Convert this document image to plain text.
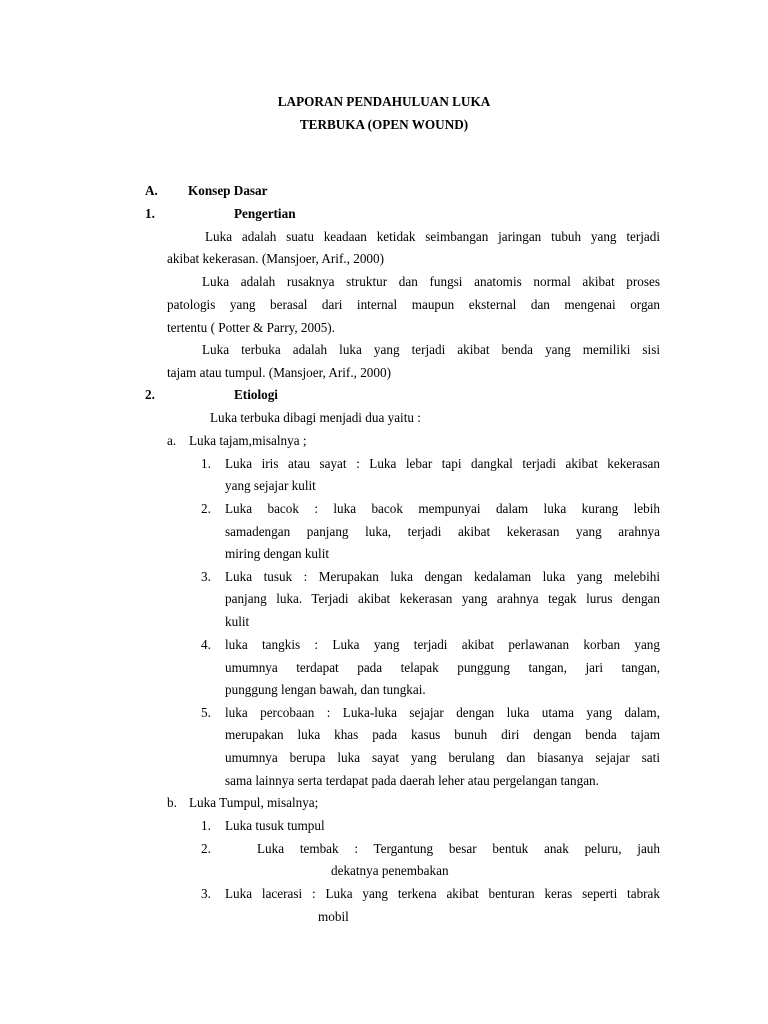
LAPORAN PENDAHULUAN LUKA
TERBUKA (OPEN WOUND)
A. Konsep Dasar
1.	Pengertian
Luka adalah suatu keadaan ketidak seimbangan jaringan tubuh yang terjadi
akibat kekerasan. (Mansjoer, Arif., 2000)
Luka adalah rusaknya struktur dan fungsi anatomis normal akibat proses
patologis yang berasal dari internal maupun eksternal dan mengenai organ
tertentu ( Potter & Parry, 2005).
Luka terbuka adalah luka yang terjadi akibat benda yang memiliki sisi
tajam atau tumpul. (Mansjoer, Arif., 2000)
2.	Etiologi
Luka terbuka dibagi menjadi dua yaitu :
a. Luka tajam,misalnya ;
1. Luka iris atau sayat : Luka lebar tapi dangkal terjadi akibat kekerasan
yang sejajar kulit
2. Luka bacok : luka bacok mempunyai dalam luka kurang lebih
samadengan panjang luka, terjadi akibat kekerasan yang arahnya
miring dengan kulit
3. Luka tusuk : Merupakan luka dengan kedalaman luka yang melebihi
panjang luka. Terjadi akibat kekerasan yang arahnya tegak lurus dengan
kulit
4. luka tangkis : Luka yang terjadi akibat perlawanan korban yang
umumnya terdapat pada telapak punggung tangan, jari tangan,
punggung lengan bawah, dan tungkai.
5. luka percobaan : Luka-luka sejajar dengan luka utama yang dalam,
merupakan luka khas pada kasus bunuh diri dengan benda tajam
umumnya berupa luka sayat yang berulang dan biasanya sejajar sati
sama lainnya serta terdapat pada daerah leher atau pergelangan tangan.
b. Luka Tumpul, misalnya;
1. Luka tusuk tumpul
2.	Luka tembak : Tergantung besar bentuk anak peluru, jauh
dekatnya penembakan
3. Luka lacerasi : Luka yang terkena akibat benturan keras seperti tabrak
mobil
